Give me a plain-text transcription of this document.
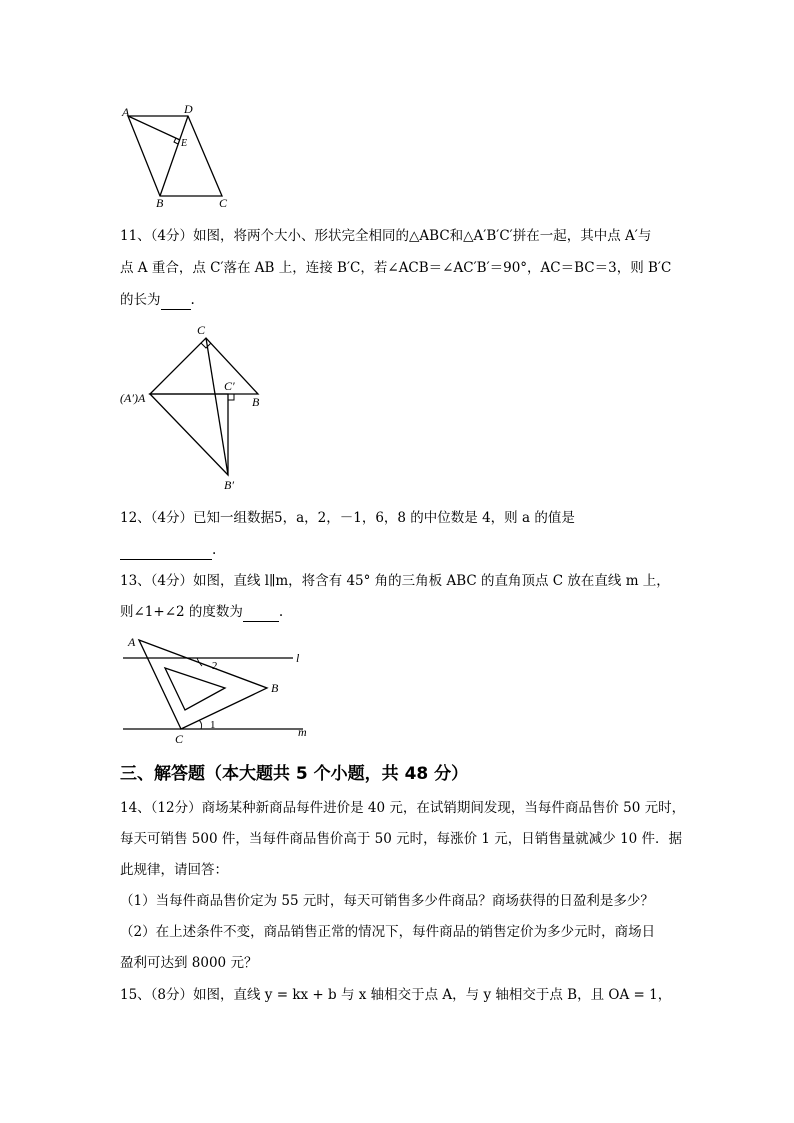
A	D
E
B	C
11、（4分）如图，将两个大小、形状完全相同的△ABC和△A′B′C′拼在一起，其中点 A′与
点 A 重合，点 C′落在 AB 上，连接 B′C，若∠ACB＝∠AC′B′＝90°，AC＝BC＝3，则 B′C
的长为 .
C
C′
(A′)A	B
B′
12、（4分）已知一组数据5，a，2，－1，6，8 的中位数是 4，则 a 的值是
.
13、（4分）如图，直线 l∥m，将含有 45° 角的三角板 ABC 的直角顶点 C 放在直线 m 上，
则∠1+∠2 的度数为	.
A
l
2
B
1	m
C
三、解答题（本大题共 5 个小题，共 48 分）
14、（12分）商场某种新商品每件进价是 40 元，在试销期间发现，当每件商品售价 50 元时，
每天可销售 500 件，当每件商品售价高于 50 元时，每涨价 1 元，日销售量就减少 10 件．据
此规律，请回答：
（1）当每件商品售价定为 55 元时，每天可销售多少件商品？商场获得的日盈利是多少？
（2）在上述条件不变，商品销售正常的情况下，每件商品的销售定价为多少元时，商场日
盈利可达到 8000 元？
15、（8分）如图，直线 y = kx + b 与 x 轴相交于点 A，与 y 轴相交于点 B，且 OA = 1，
